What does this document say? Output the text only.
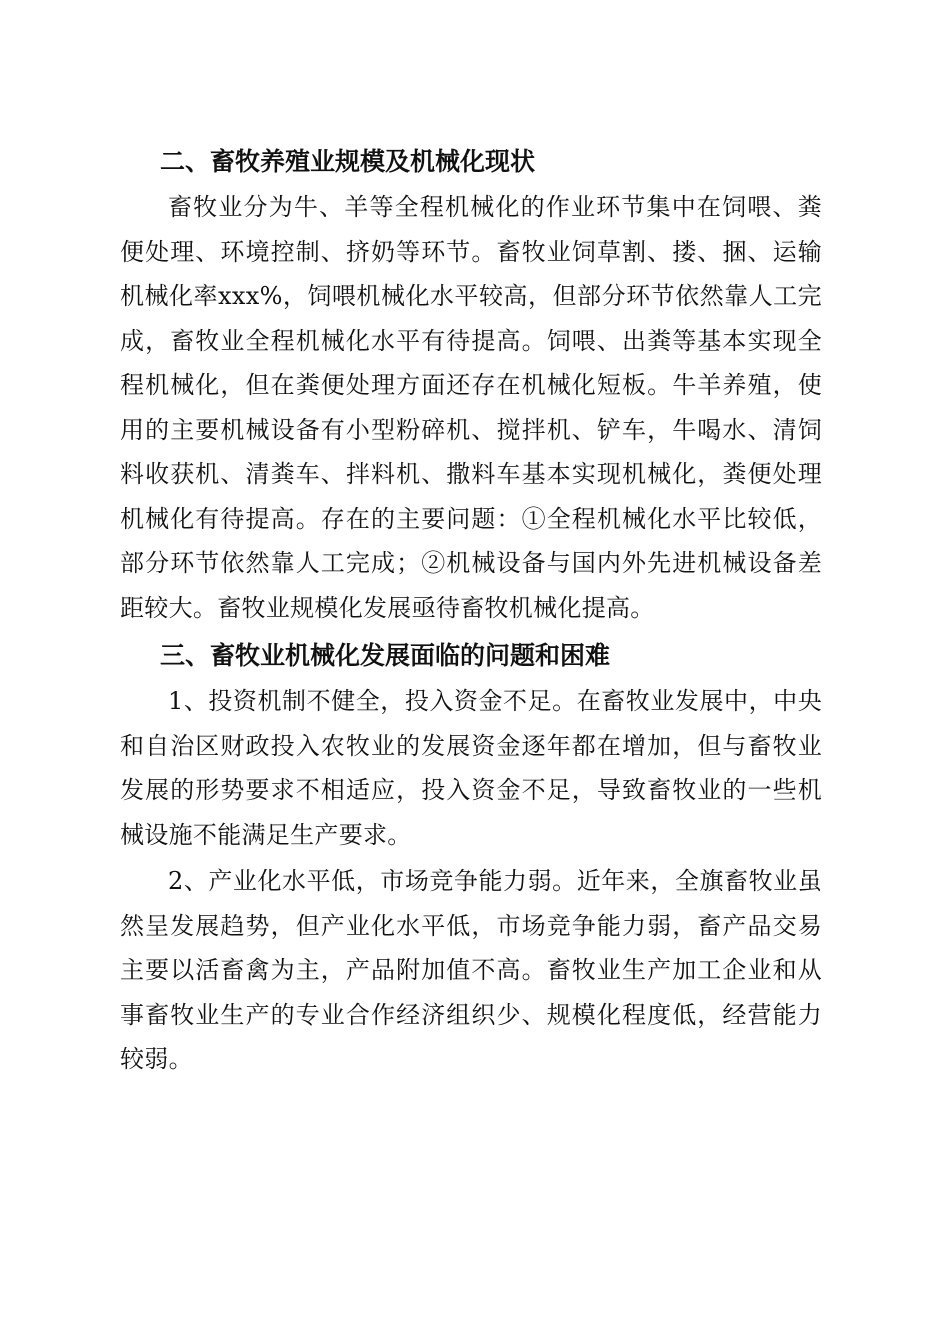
二、畜牧养殖业规模及机械化现状

畜牧业分为牛、羊等全程机械化的作业环节集中在饲喂、粪便处理、环境控制、挤奶等环节。畜牧业饲草割、搂、捆、运输机械化率xxx%，饲喂机械化水平较高，但部分环节依然靠人工完成，畜牧业全程机械化水平有待提高。饲喂、出粪等基本实现全程机械化，但在粪便处理方面还存在机械化短板。牛羊养殖，使用的主要机械设备有小型粉碎机、搅拌机、铲车，牛喝水、清饲料收获机、清粪车、拌料机、撒料车基本实现机械化，粪便处理机械化有待提高。存在的主要问题：①全程机械化水平比较低，部分环节依然靠人工完成；②机械设备与国内外先进机械设备差距较大。畜牧业规模化发展亟待畜牧机械化提高。

三、畜牧业机械化发展面临的问题和困难

1、投资机制不健全，投入资金不足。在畜牧业发展中，中央和自治区财政投入农牧业的发展资金逐年都在增加，但与畜牧业发展的形势要求不相适应，投入资金不足，导致畜牧业的一些机械设施不能满足生产要求。

2、产业化水平低，市场竞争能力弱。近年来，全旗畜牧业虽然呈发展趋势，但产业化水平低，市场竞争能力弱，畜产品交易主要以活畜禽为主，产品附加值不高。畜牧业生产加工企业和从事畜牧业生产的专业合作经济组织少、规模化程度低，经营能力较弱。
